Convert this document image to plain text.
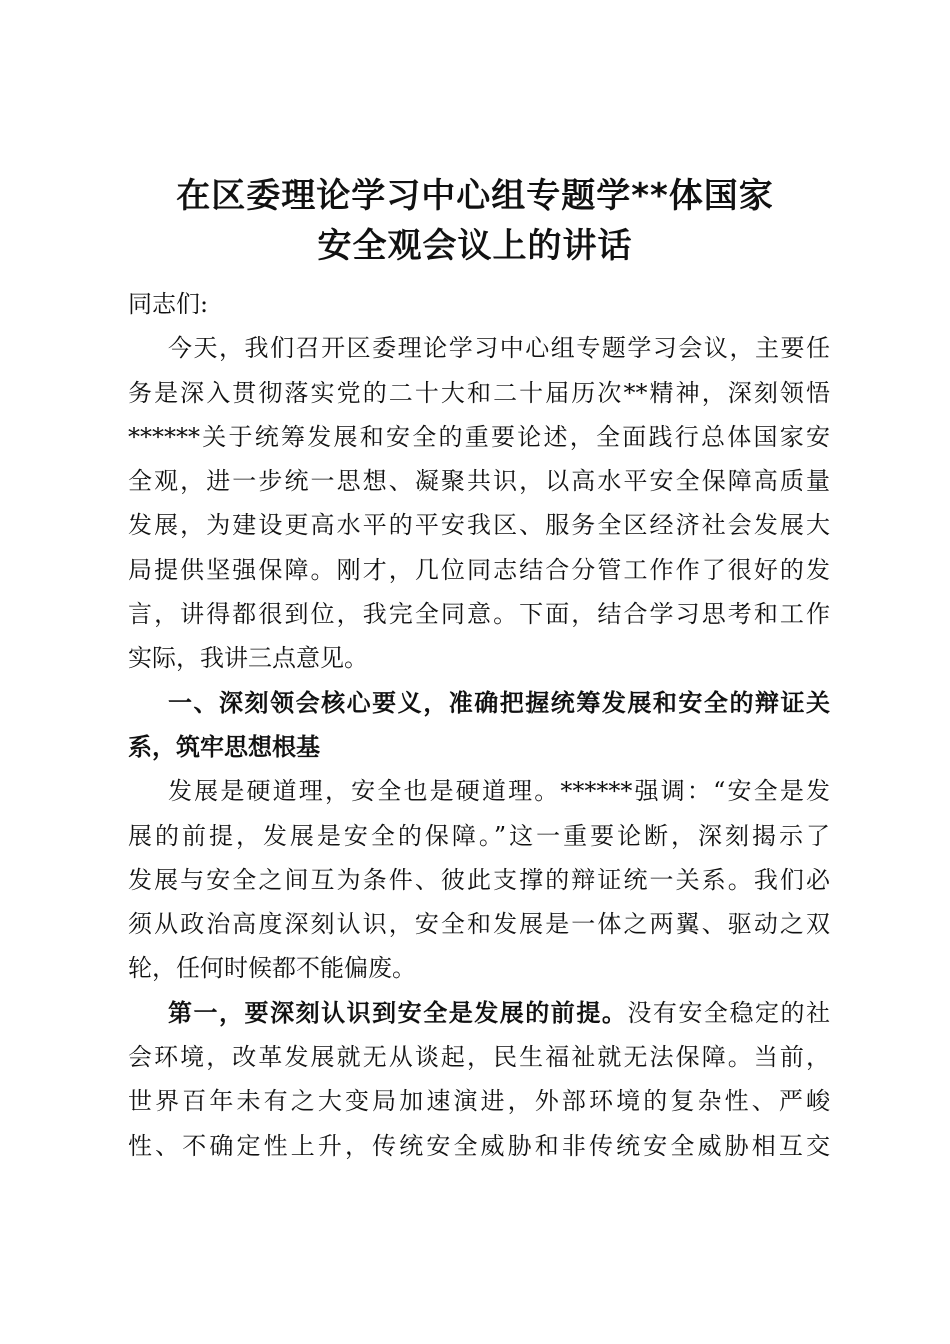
在区委理论学习中心组专题学**体国家
安全观会议上的讲话
同志们:
今天，我们召开区委理论学习中心组专题学习会议，主要任
务是深入贯彻落实党的二十大和二十届历次**精神，深刻领悟
******关于统筹发展和安全的重要论述，全面践行总体国家安
全观，进一步统一思想、凝聚共识，以高水平安全保障高质量
发展，为建设更高水平的平安我区、服务全区经济社会发展大
局提供坚强保障。刚才，几位同志结合分管工作作了很好的发
言，讲得都很到位，我完全同意。下面，结合学习思考和工作
实际，我讲三点意见。
一、深刻领会核心要义，准确把握统筹发展和安全的辩证关
系，筑牢思想根基
发展是硬道理，安全也是硬道理。******强调：“安全是发
展的前提，发展是安全的保障。”这一重要论断，深刻揭示了
发展与安全之间互为条件、彼此支撑的辩证统一关系。我们必
须从政治高度深刻认识，安全和发展是一体之两翼、驱动之双
轮，任何时候都不能偏废。
第一，要深刻认识到安全是发展的前提。没有安全稳定的社
会环境，改革发展就无从谈起，民生福祉就无法保障。当前，
世界百年未有之大变局加速演进，外部环境的复杂性、严峻
性、不确定性上升，传统安全威胁和非传统安全威胁相互交
